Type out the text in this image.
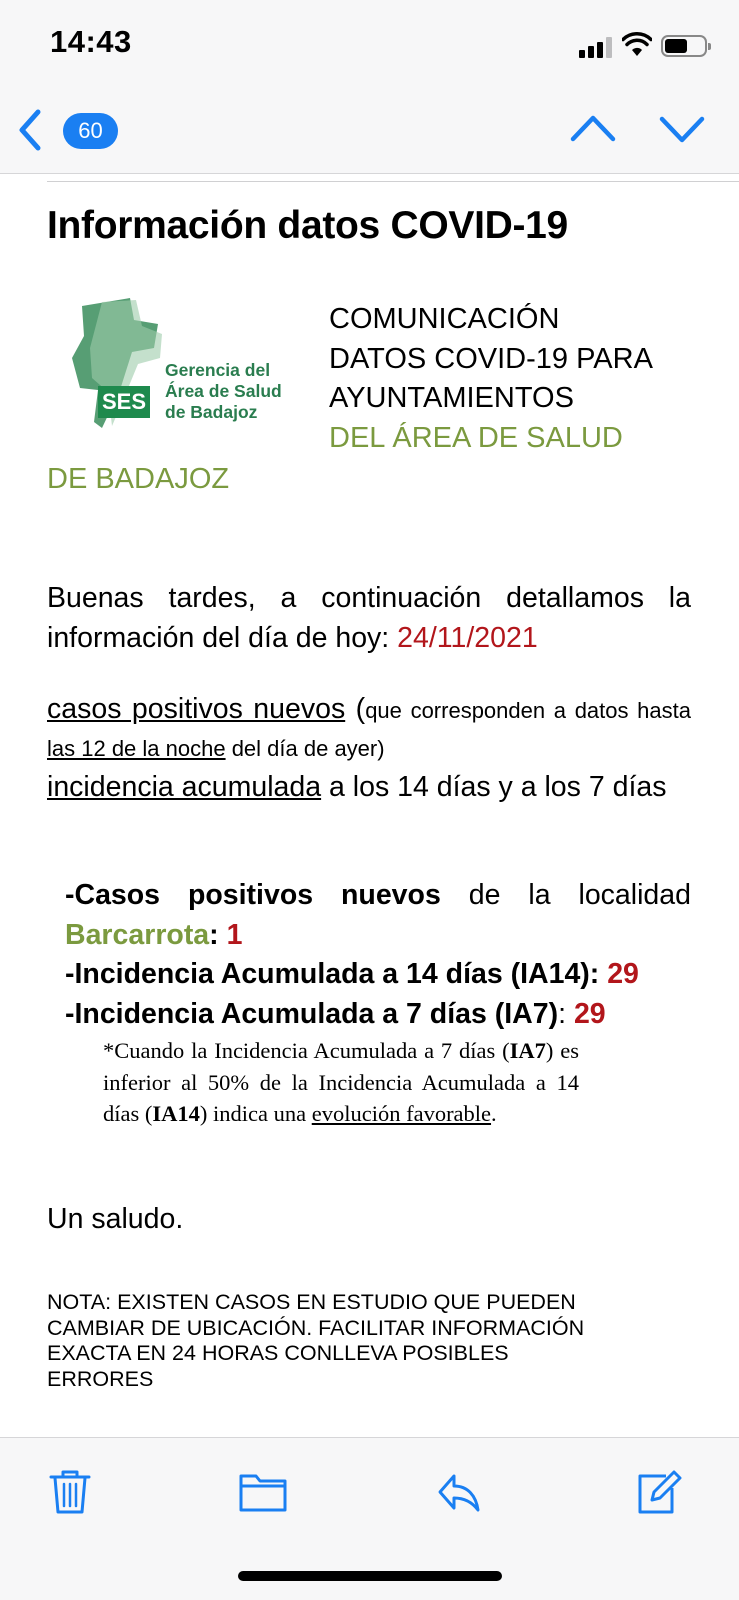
14:43
60
Información datos COVID-19
SES
Gerencia del
Área de Salud
de Badajoz
COMUNICACIÓN
DATOS COVID-19 PARA
AYUNTAMIENTOS
DEL ÁREA DE SALUD
DE BADAJOZ
Buenas tardes, a continuación detallamos la información del día de hoy: 24/11/2021
casos positivos nuevos (que corresponden a datos hasta las 12 de la noche del día de ayer)
incidencia acumulada a los 14 días y a los 7 días
-Casos positivos nuevos de la localidad Barcarrota: 1
-Incidencia Acumulada a 14 días (IA14): 29
-Incidencia Acumulada a 7 días (IA7): 29
*Cuando la Incidencia Acumulada a 7 días (IA7) es inferior al 50% de la Incidencia Acumulada a 14 días (IA14) indica una evolución favorable.
Un saludo.
NOTA: EXISTEN CASOS EN ESTUDIO QUE PUEDEN CAMBIAR DE UBICACIÓN. FACILITAR INFORMACIÓN EXACTA EN 24 HORAS CONLLEVA POSIBLES ERRORES
